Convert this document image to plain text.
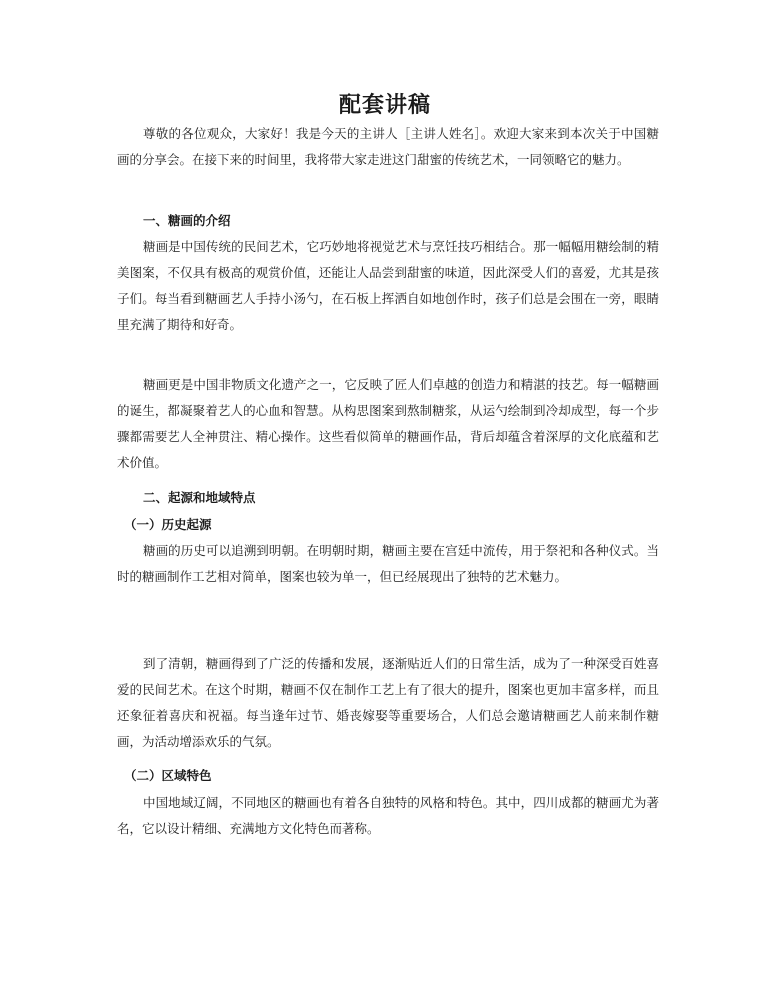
配套讲稿

尊敬的各位观众，大家好！我是今天的主讲人［主讲人姓名］。欢迎大家来到本次关于中国糖画的分享会。在接下来的时间里，我将带大家走进这门甜蜜的传统艺术，一同领略它的魅力。

一、糖画的介绍

糖画是中国传统的民间艺术，它巧妙地将视觉艺术与烹饪技巧相结合。那一幅幅用糖绘制的精美图案，不仅具有极高的观赏价值，还能让人品尝到甜蜜的味道，因此深受人们的喜爱，尤其是孩子们。每当看到糖画艺人手持小汤勺，在石板上挥洒自如地创作时，孩子们总是会围在一旁，眼睛里充满了期待和好奇。

糖画更是中国非物质文化遗产之一，它反映了匠人们卓越的创造力和精湛的技艺。每一幅糖画的诞生，都凝聚着艺人的心血和智慧。从构思图案到熬制糖浆，从运勺绘制到冷却成型，每一个步骤都需要艺人全神贯注、精心操作。这些看似简单的糖画作品，背后却蕴含着深厚的文化底蕴和艺术价值。

二、起源和地域特点

（一）历史起源

糖画的历史可以追溯到明朝。在明朝时期，糖画主要在宫廷中流传，用于祭祀和各种仪式。当时的糖画制作工艺相对简单，图案也较为单一，但已经展现出了独特的艺术魅力。

到了清朝，糖画得到了广泛的传播和发展，逐渐贴近人们的日常生活，成为了一种深受百姓喜爱的民间艺术。在这个时期，糖画不仅在制作工艺上有了很大的提升，图案也更加丰富多样，而且还象征着喜庆和祝福。每当逢年过节、婚丧嫁娶等重要场合，人们总会邀请糖画艺人前来制作糖画，为活动增添欢乐的气氛。

（二）区域特色

中国地域辽阔，不同地区的糖画也有着各自独特的风格和特色。其中，四川成都的糖画尤为著名，它以设计精细、充满地方文化特色而著称。
